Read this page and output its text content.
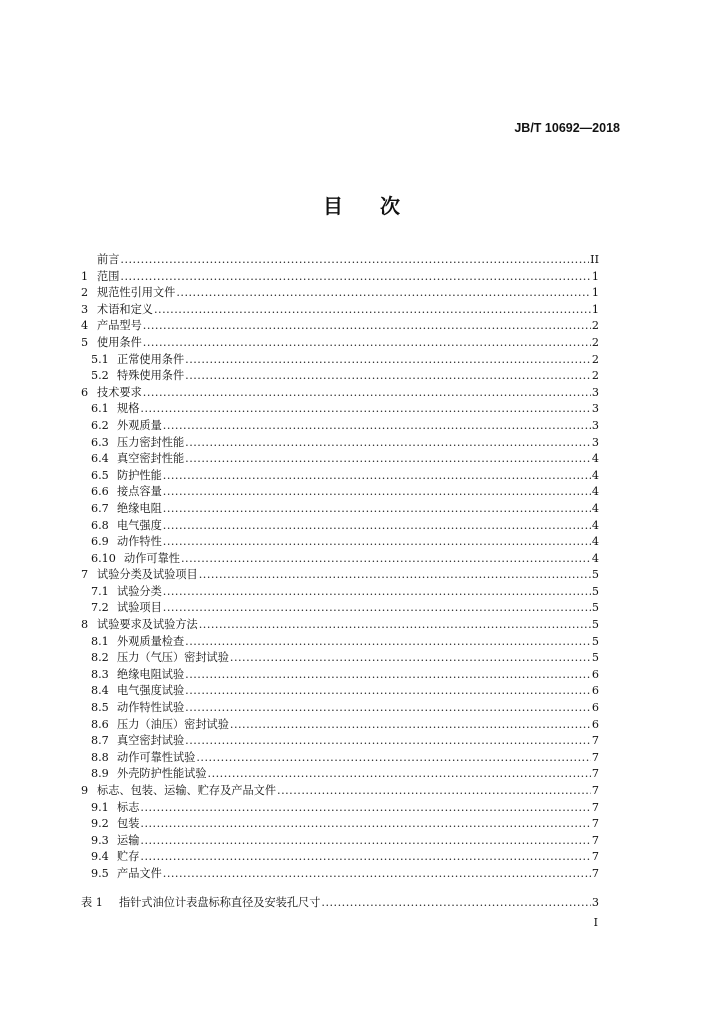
JB/T 10692—2018
目 次
前言 .....	II
1 范围 .....	1
2 规范性引用文件 .....	1
3 术语和定义 .....	1
4 产品型号 .....	2
5 使用条件 .....	2
5.1 正常使用条件 .....	2
5.2 特殊使用条件 .....	2
6 技术要求 .....	3
6.1 规格 .....	3
6.2 外观质量 .....	3
6.3 压力密封性能 .....	3
6.4 真空密封性能 .....	4
6.5 防护性能 .....	4
6.6 接点容量 .....	4
6.7 绝缘电阻 .....	4
6.8 电气强度 .....	4
6.9 动作特性 .....	4
6.10 动作可靠性 .....	4
7 试验分类及试验项目 .....	5
7.1 试验分类 .....	5
7.2 试验项目 .....	5
8 试验要求及试验方法 .....	5
8.1 外观质量检查 .....	5
8.2 压力（气压）密封试验 .....	5
8.3 绝缘电阻试验 .....	6
8.4 电气强度试验 .....	6
8.5 动作特性试验 .....	6
8.6 压力（油压）密封试验 .....	6
8.7 真空密封试验 .....	7
8.8 动作可靠性试验 .....	7
8.9 外壳防护性能试验 .....	7
9 标志、包装、运输、贮存及产品文件 .....	7
9.1 标志 .....	7
9.2 包装 .....	7
9.3 运输 .....	7
9.4 贮存 .....	7
9.5 产品文件 .....	7
表 1	指针式油位计表盘标称直径及安装孔尺寸 .....	3
I
